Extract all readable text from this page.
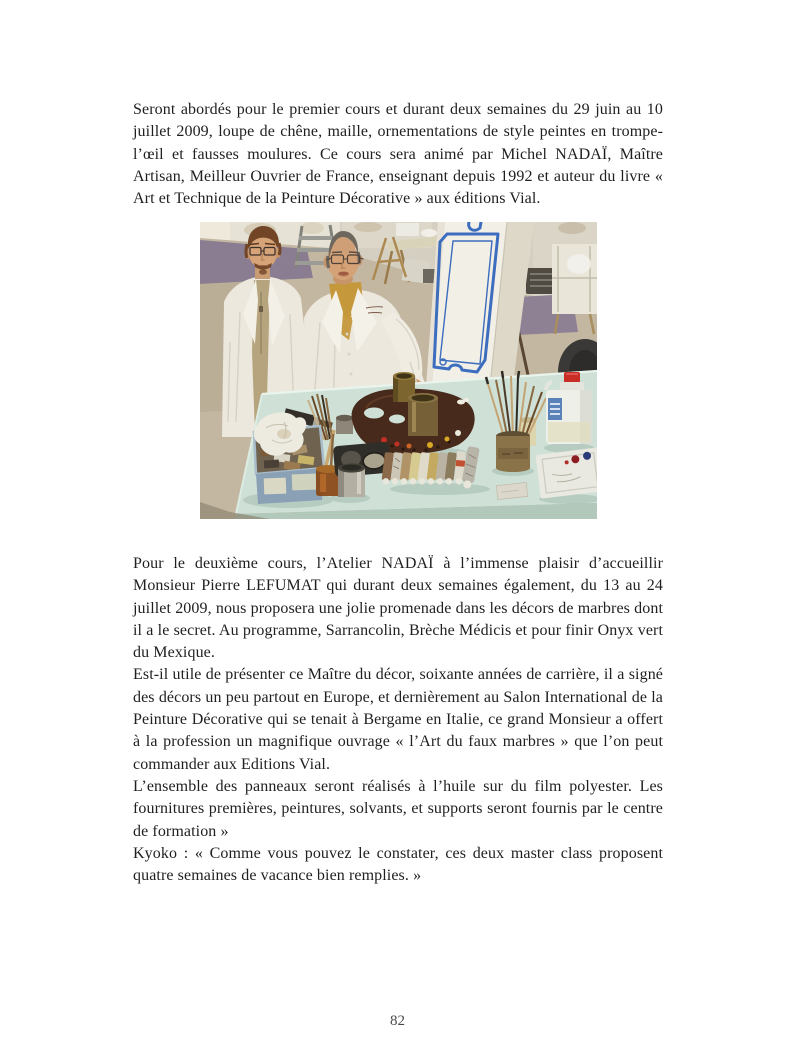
Seront abordés pour le premier cours et durant deux semaines du 29 juin au 10 juillet 2009, loupe de chêne, maille, ornementations de style peintes en trompe-l’œil et fausses moulures. Ce cours sera animé par Michel NADAÏ, Maître Artisan, Meilleur Ouvrier de France, enseignant depuis 1992 et auteur du livre « Art et Technique de la Peinture Décorative » aux éditions Vial.

Pour le deuxième cours, l’Atelier NADAÏ à l’immense plaisir d’accueillir Monsieur Pierre LEFUMAT qui durant deux semaines également, du 13 au 24 juillet 2009, nous proposera une jolie promenade dans les décors de marbres dont il a le secret. Au programme, Sarrancolin, Brèche Médicis et pour finir Onyx vert du Mexique.

Est-il utile de présenter ce Maître du décor, soixante années de carrière, il a signé des décors un peu partout en Europe, et dernièrement au Salon International de la Peinture Décorative qui se tenait à Bergame en Italie, ce grand Monsieur a offert à la profession un magnifique ouvrage « l’Art du faux marbres » que l’on peut commander aux Editions Vial.

L’ensemble des panneaux seront réalisés à l’huile sur du film polyester. Les fournitures premières, peintures, solvants, et supports seront fournis par le centre de formation »

Kyoko : « Comme vous pouvez le constater, ces deux master class proposent quatre semaines de vacance bien remplies. »

82
